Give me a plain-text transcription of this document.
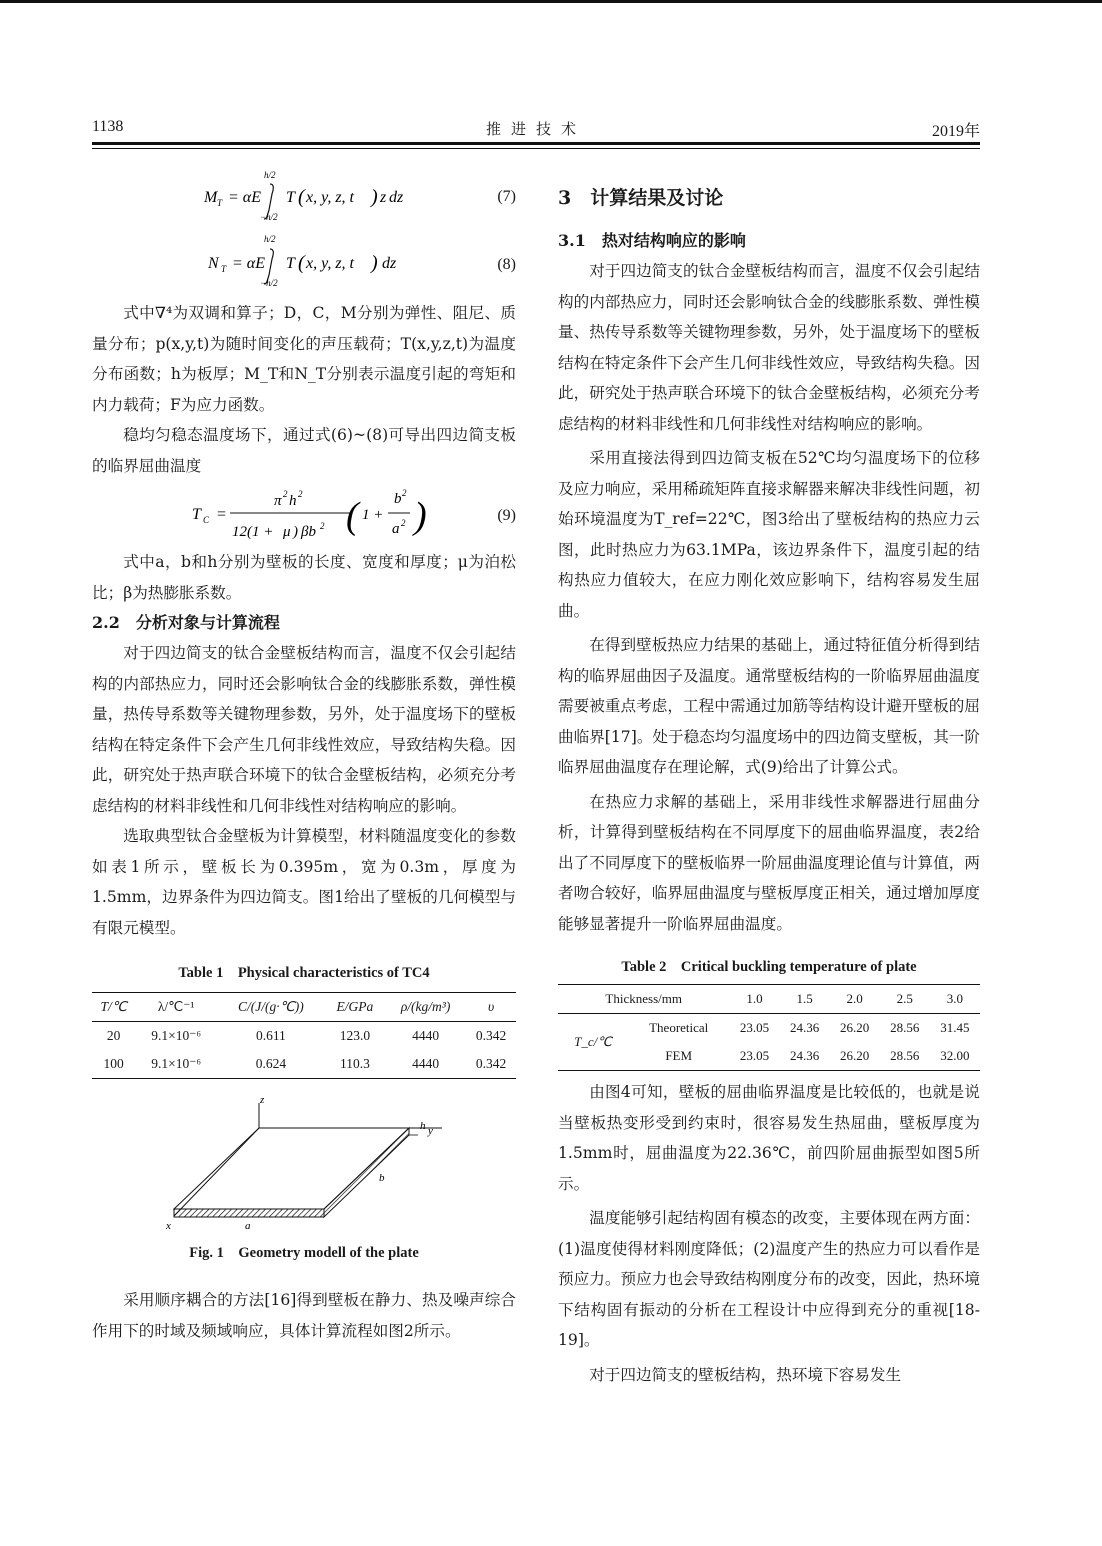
1138	推进技术	2019年
M T = αE
h/2
−h/2
T ( x, y, z, t ) z dz	(7)
N T = αE
h/2
−h/2
T ( x, y, z, t ) dz	(8)

式中∇⁴为双调和算子；D，C，M分别为弹性、阻尼、质量分布；p(x,y,t)为随时间变化的声压载荷；T(x,y,z,t)为温度分布函数；h为板厚；M_T和N_T分别表示温度引起的弯矩和内力载荷；F为应力函数。

稳均匀稳态温度场下，通过式(6)~(8)可导出四边简支板的临界屈曲温度

T C =
π 2 h 2
12(1 + μ ) βb 2 ( 1 +
b 2
a 2 )	(9)

式中a，b和h分别为壁板的长度、宽度和厚度；μ为泊松比；β为热膨胀系数。

2.2　分析对象与计算流程

对于四边简支的钛合金壁板结构而言，温度不仅会引起结构的内部热应力，同时还会影响钛合金的线膨胀系数，弹性模量，热传导系数等关键物理参数，另外，处于温度场下的壁板结构在特定条件下会产生几何非线性效应，导致结构失稳。因此，研究处于热声联合环境下的钛合金壁板结构，必须充分考虑结构的材料非线性和几何非线性对结构响应的影响。

选取典型钛合金壁板为计算模型，材料随温度变化的参数如表1所示，壁板长为0.395m，宽为0.3m，厚度为1.5mm，边界条件为四边简支。图1给出了壁板的几何模型与有限元模型。

Table 1　Physical characteristics of TC4
T/℃	λ/℃⁻¹	C/(J/(g·℃))	E/GPa	ρ/(kg/m³)	υ
20	9.1×10⁻⁶	0.611	123.0	4440	0.342
100	9.1×10⁻⁶	0.624	110.3	4440	0.342
z
y
x	a
b
h
Fig. 1　Geometry modell of the plate

采用顺序耦合的方法[16]得到壁板在静力、热及噪声综合作用下的时域及频域响应，具体计算流程如图2所示。

3　计算结果及讨论

3.1　热对结构响应的影响

对于四边简支的钛合金壁板结构而言，温度不仅会引起结构的内部热应力，同时还会影响钛合金的线膨胀系数、弹性模量、热传导系数等关键物理参数，另外，处于温度场下的壁板结构在特定条件下会产生几何非线性效应，导致结构失稳。因此，研究处于热声联合环境下的钛合金壁板结构，必须充分考虑结构的材料非线性和几何非线性对结构响应的影响。

采用直接法得到四边简支板在52℃均匀温度场下的位移及应力响应，采用稀疏矩阵直接求解器来解决非线性问题，初始环境温度为T_ref=22℃，图3给出了壁板结构的热应力云图，此时热应力为63.1MPa，该边界条件下，温度引起的结构热应力值较大，在应力刚化效应影响下，结构容易发生屈曲。

在得到壁板热应力结果的基础上，通过特征值分析得到结构的临界屈曲因子及温度。通常壁板结构的一阶临界屈曲温度需要被重点考虑，工程中需通过加筋等结构设计避开壁板的屈曲临界[17]。处于稳态均匀温度场中的四边简支壁板，其一阶临界屈曲温度存在理论解，式(9)给出了计算公式。

在热应力求解的基础上，采用非线性求解器进行屈曲分析，计算得到壁板结构在不同厚度下的屈曲临界温度，表2给出了不同厚度下的壁板临界一阶屈曲温度理论值与计算值，两者吻合较好，临界屈曲温度与壁板厚度正相关，通过增加厚度能够显著提升一阶临界屈曲温度。

Table 2　Critical buckling temperature of plate
Thickness/mm		1.0	1.5	2.0	2.5	3.0
T_c/℃	Theoretical	23.05	24.36	26.20	28.56	31.45
	FEM	23.05	24.36	26.20	28.56	32.00

由图4可知，壁板的屈曲临界温度是比较低的，也就是说当壁板热变形受到约束时，很容易发生热屈曲，壁板厚度为1.5mm时，屈曲温度为22.36℃，前四阶屈曲振型如图5所示。

温度能够引起结构固有模态的改变，主要体现在两方面：(1)温度使得材料刚度降低；(2)温度产生的热应力可以看作是预应力。预应力也会导致结构刚度分布的改变，因此，热环境下结构固有振动的分析在工程设计中应得到充分的重视[18-19]。

对于四边简支的壁板结构，热环境下容易发生
